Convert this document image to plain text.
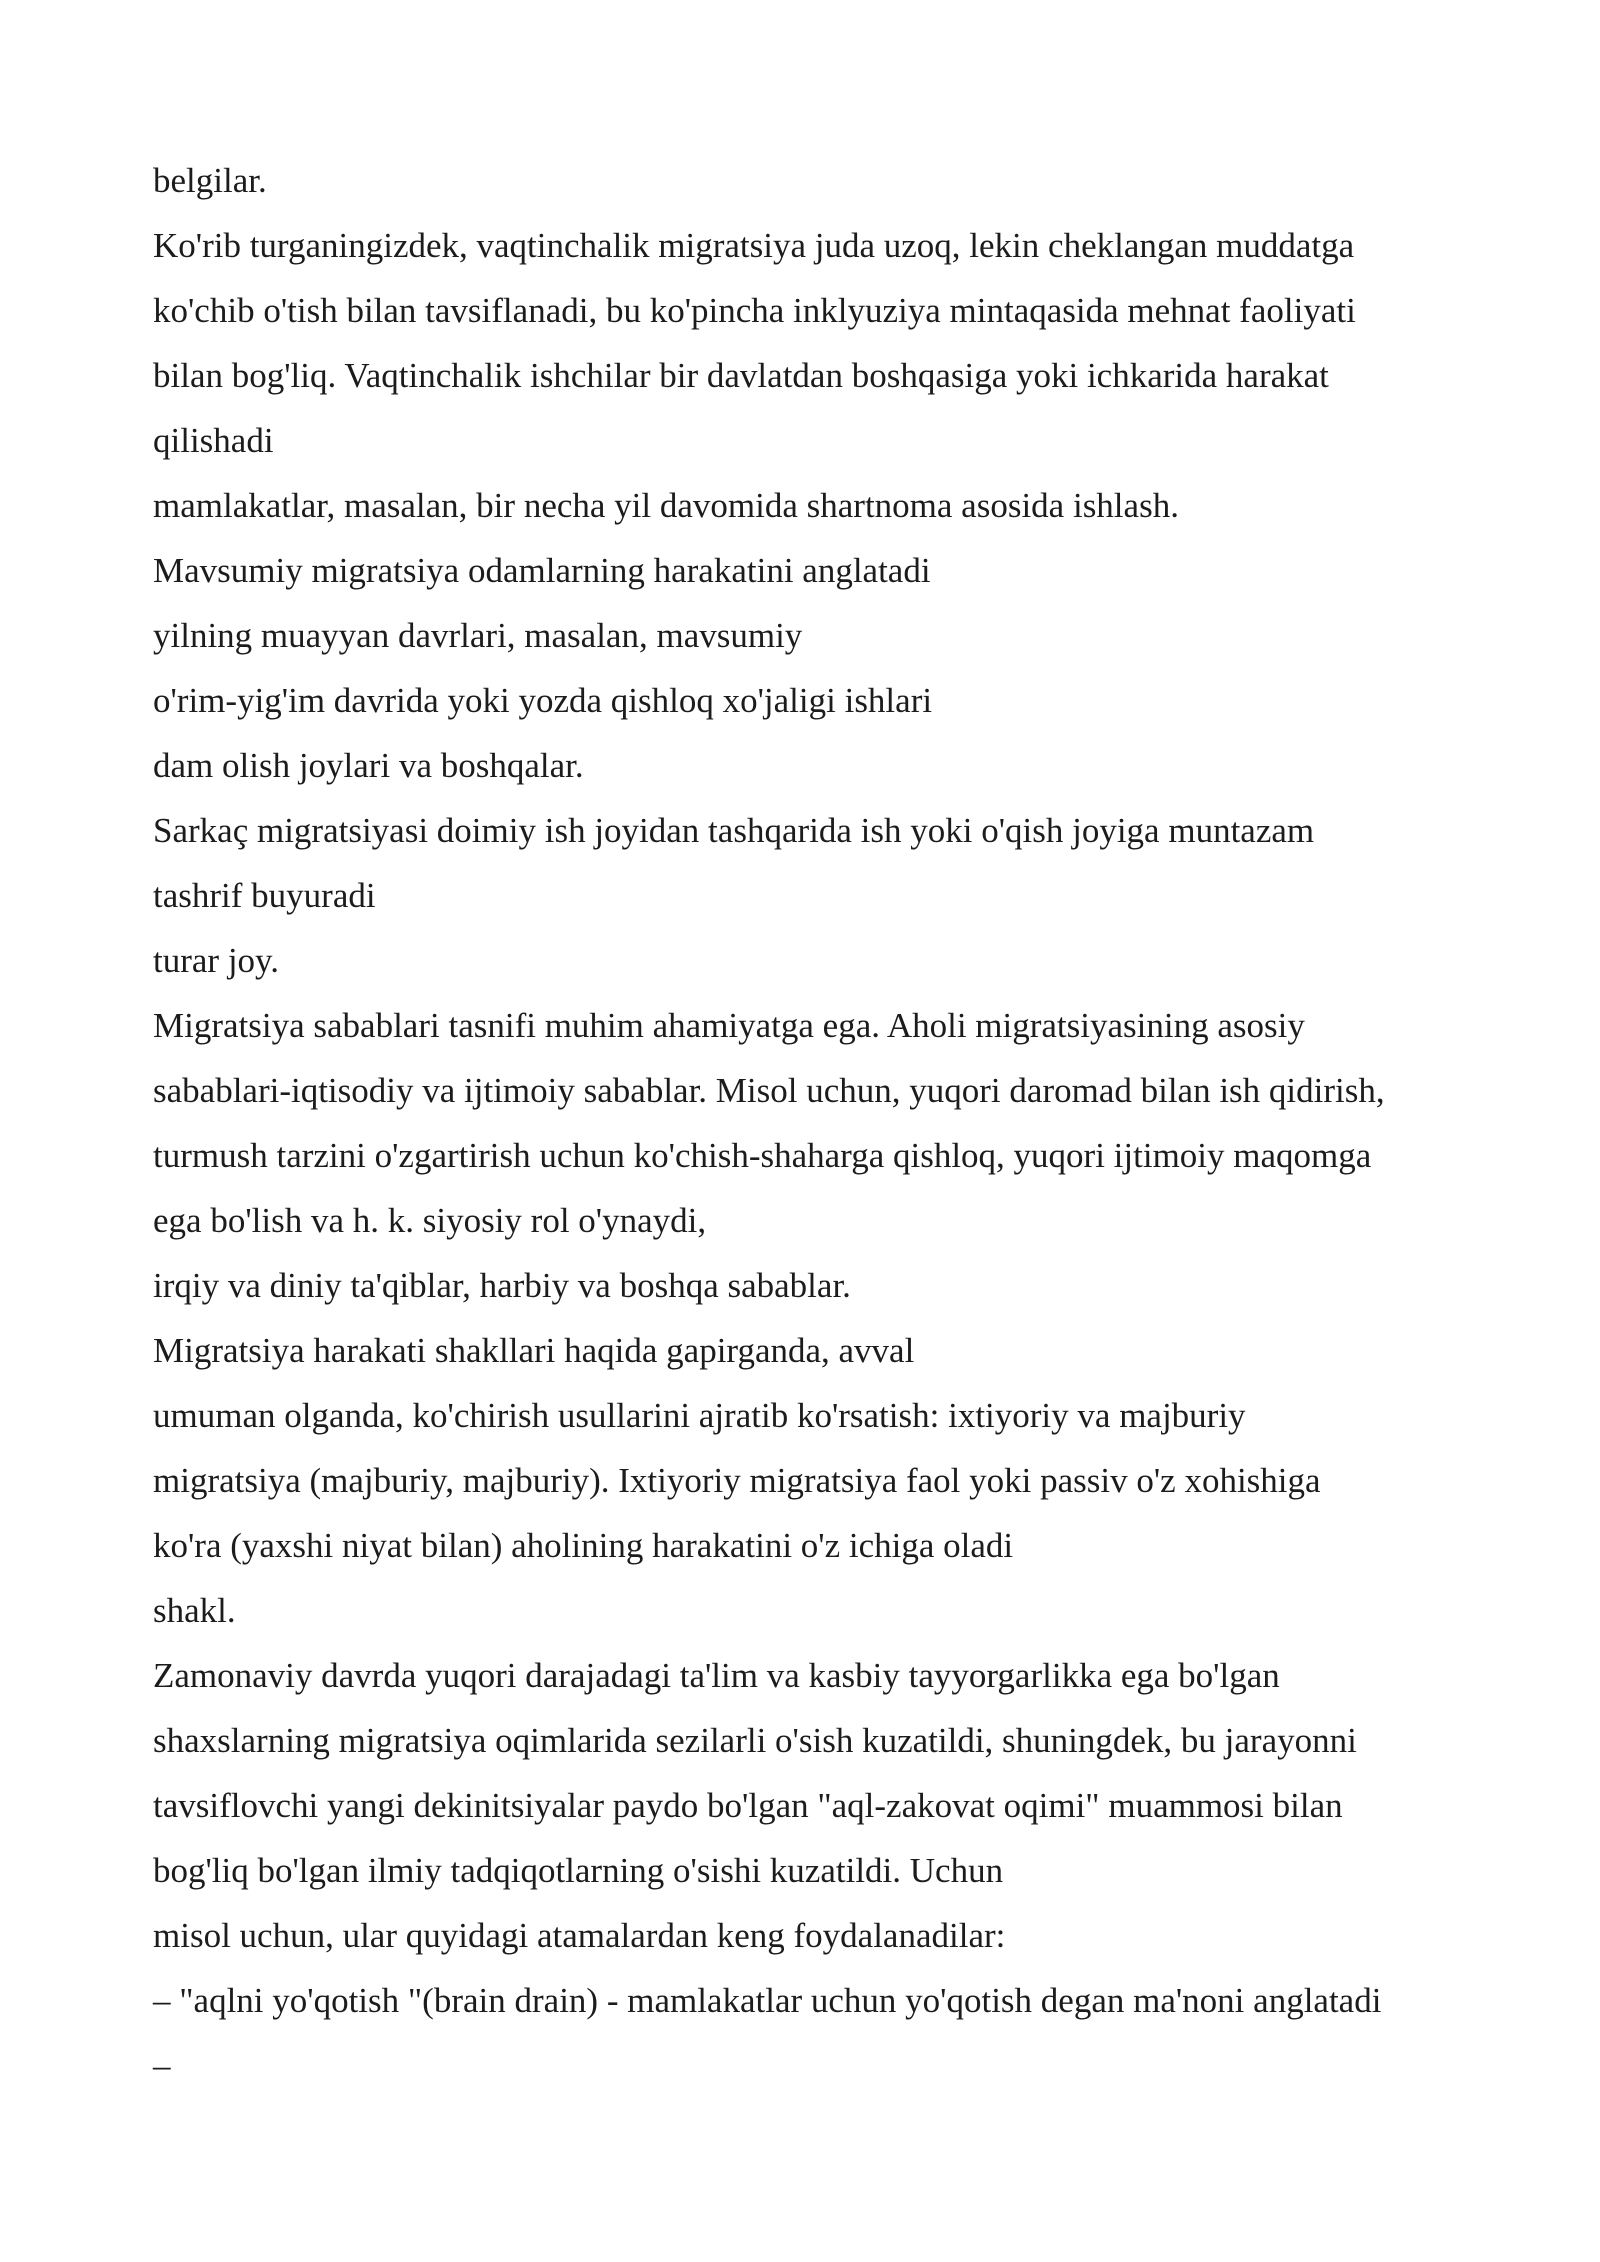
belgilar.
Ko'rib turganingizdek, vaqtinchalik migratsiya juda uzoq, lekin cheklangan muddatga
ko'chib o'tish bilan tavsiflanadi, bu ko'pincha inklyuziya mintaqasida mehnat faoliyati
bilan bog'liq. Vaqtinchalik ishchilar bir davlatdan boshqasiga yoki ichkarida harakat
qilishadi
mamlakatlar, masalan, bir necha yil davomida shartnoma asosida ishlash.
Mavsumiy migratsiya odamlarning harakatini anglatadi
yilning muayyan davrlari, masalan, mavsumiy
o'rim-yig'im davrida yoki yozda qishloq xo'jaligi ishlari
dam olish joylari va boshqalar.
Sarkaç migratsiyasi doimiy ish joyidan tashqarida ish yoki o'qish joyiga muntazam
tashrif buyuradi
turar joy.
Migratsiya sabablari tasnifi muhim ahamiyatga ega. Aholi migratsiyasining asosiy
sabablari-iqtisodiy va ijtimoiy sabablar. Misol uchun, yuqori daromad bilan ish qidirish,
turmush tarzini o'zgartirish uchun ko'chish-shaharga qishloq, yuqori ijtimoiy maqomga
ega bo'lish va h. k. siyosiy rol o'ynaydi,
irqiy va diniy ta'qiblar, harbiy va boshqa sabablar.
Migratsiya harakati shakllari haqida gapirganda, avval
umuman olganda, ko'chirish usullarini ajratib ko'rsatish: ixtiyoriy va majburiy
migratsiya (majburiy, majburiy). Ixtiyoriy migratsiya faol yoki passiv o'z xohishiga
ko'ra (yaxshi niyat bilan) aholining harakatini o'z ichiga oladi
shakl.
Zamonaviy davrda yuqori darajadagi ta'lim va kasbiy tayyorgarlikka ega bo'lgan
shaxslarning migratsiya oqimlarida sezilarli o'sish kuzatildi, shuningdek, bu jarayonni
tavsiflovchi yangi dekinitsiyalar paydo bo'lgan "aql-zakovat oqimi" muammosi bilan
bog'liq bo'lgan ilmiy tadqiqotlarning o'sishi kuzatildi. Uchun
misol uchun, ular quyidagi atamalardan keng foydalanadilar:
– "aqlni yo'qotish "(brain drain) - mamlakatlar uchun yo'qotish degan ma'noni anglatadi
–
